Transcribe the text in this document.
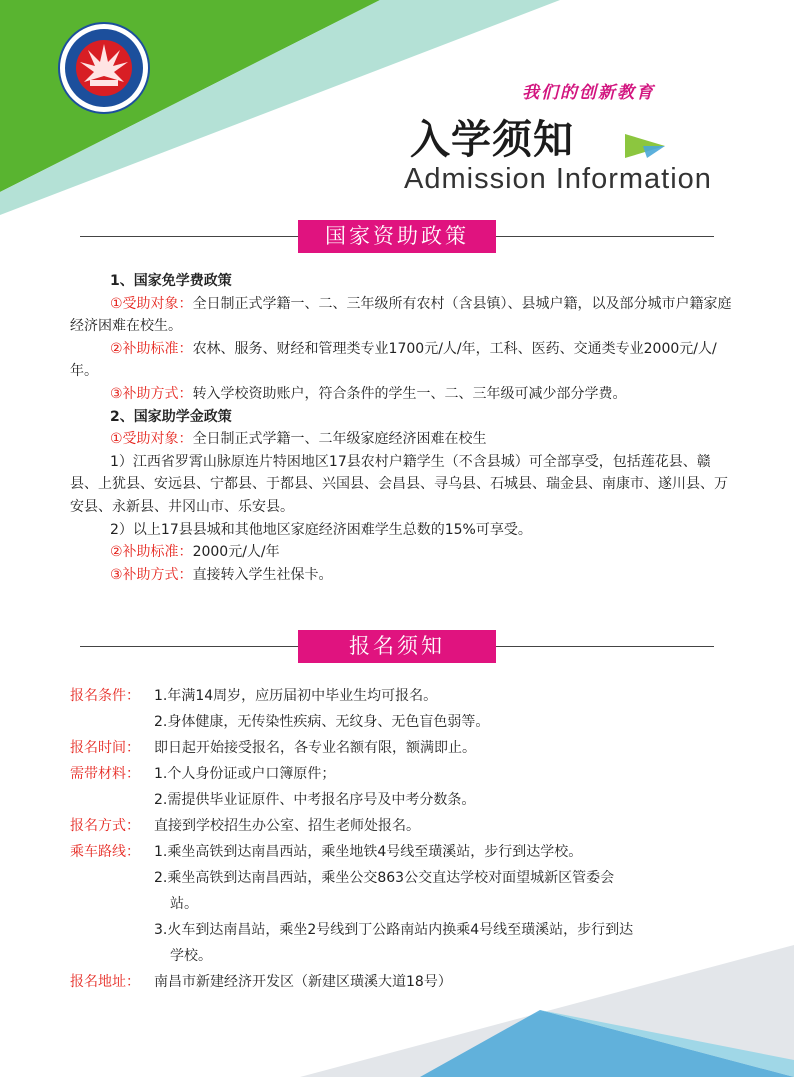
我们的创新教育
入学须知
Admission Information
国家资助政策

1、国家免学费政策

①受助对象：全日制正式学籍一、二、三年级所有农村（含县镇）、县城户籍，以及部分城市户籍家庭经济困难在校生。

②补助标准：农林、服务、财经和管理类专业1700元/人/年，工科、医药、交通类专业2000元/人/年。

③补助方式：转入学校资助账户，符合条件的学生一、二、三年级可减少部分学费。

2、国家助学金政策

①受助对象：全日制正式学籍一、二年级家庭经济困难在校生

1）江西省罗霄山脉原连片特困地区17县农村户籍学生（不含县城）可全部享受，包括莲花县、赣县、上犹县、安远县、宁都县、于都县、兴国县、会昌县、寻乌县、石城县、瑞金县、南康市、遂川县、万安县、永新县、井冈山市、乐安县。

2）以上17县县城和其他地区家庭经济困难学生总数的15%可享受。

②补助标准：2000元/人/年

③补助方式：直接转入学生社保卡。

报名须知
报名条件：	1.年满14周岁，应历届初中毕业生均可报名。
2.身体健康，无传染性疾病、无纹身、无色盲色弱等。
报名时间：	即日起开始接受报名，各专业名额有限，额满即止。
需带材料：	1.个人身份证或户口簿原件；
2.需提供毕业证原件、中考报名序号及中考分数条。
报名方式：	直接到学校招生办公室、招生老师处报名。
乘车路线：	1.乘坐高铁到达南昌西站，乘坐地铁4号线至璜溪站，步行到达学校。
2.乘坐高铁到达南昌西站，乘坐公交863公交直达学校对面望城新区管委会
站。
3.火车到达南昌站，乘坐2号线到丁公路南站内换乘4号线至璜溪站，步行到达
学校。
报名地址：	南昌市新建经济开发区（新建区璜溪大道18号）
